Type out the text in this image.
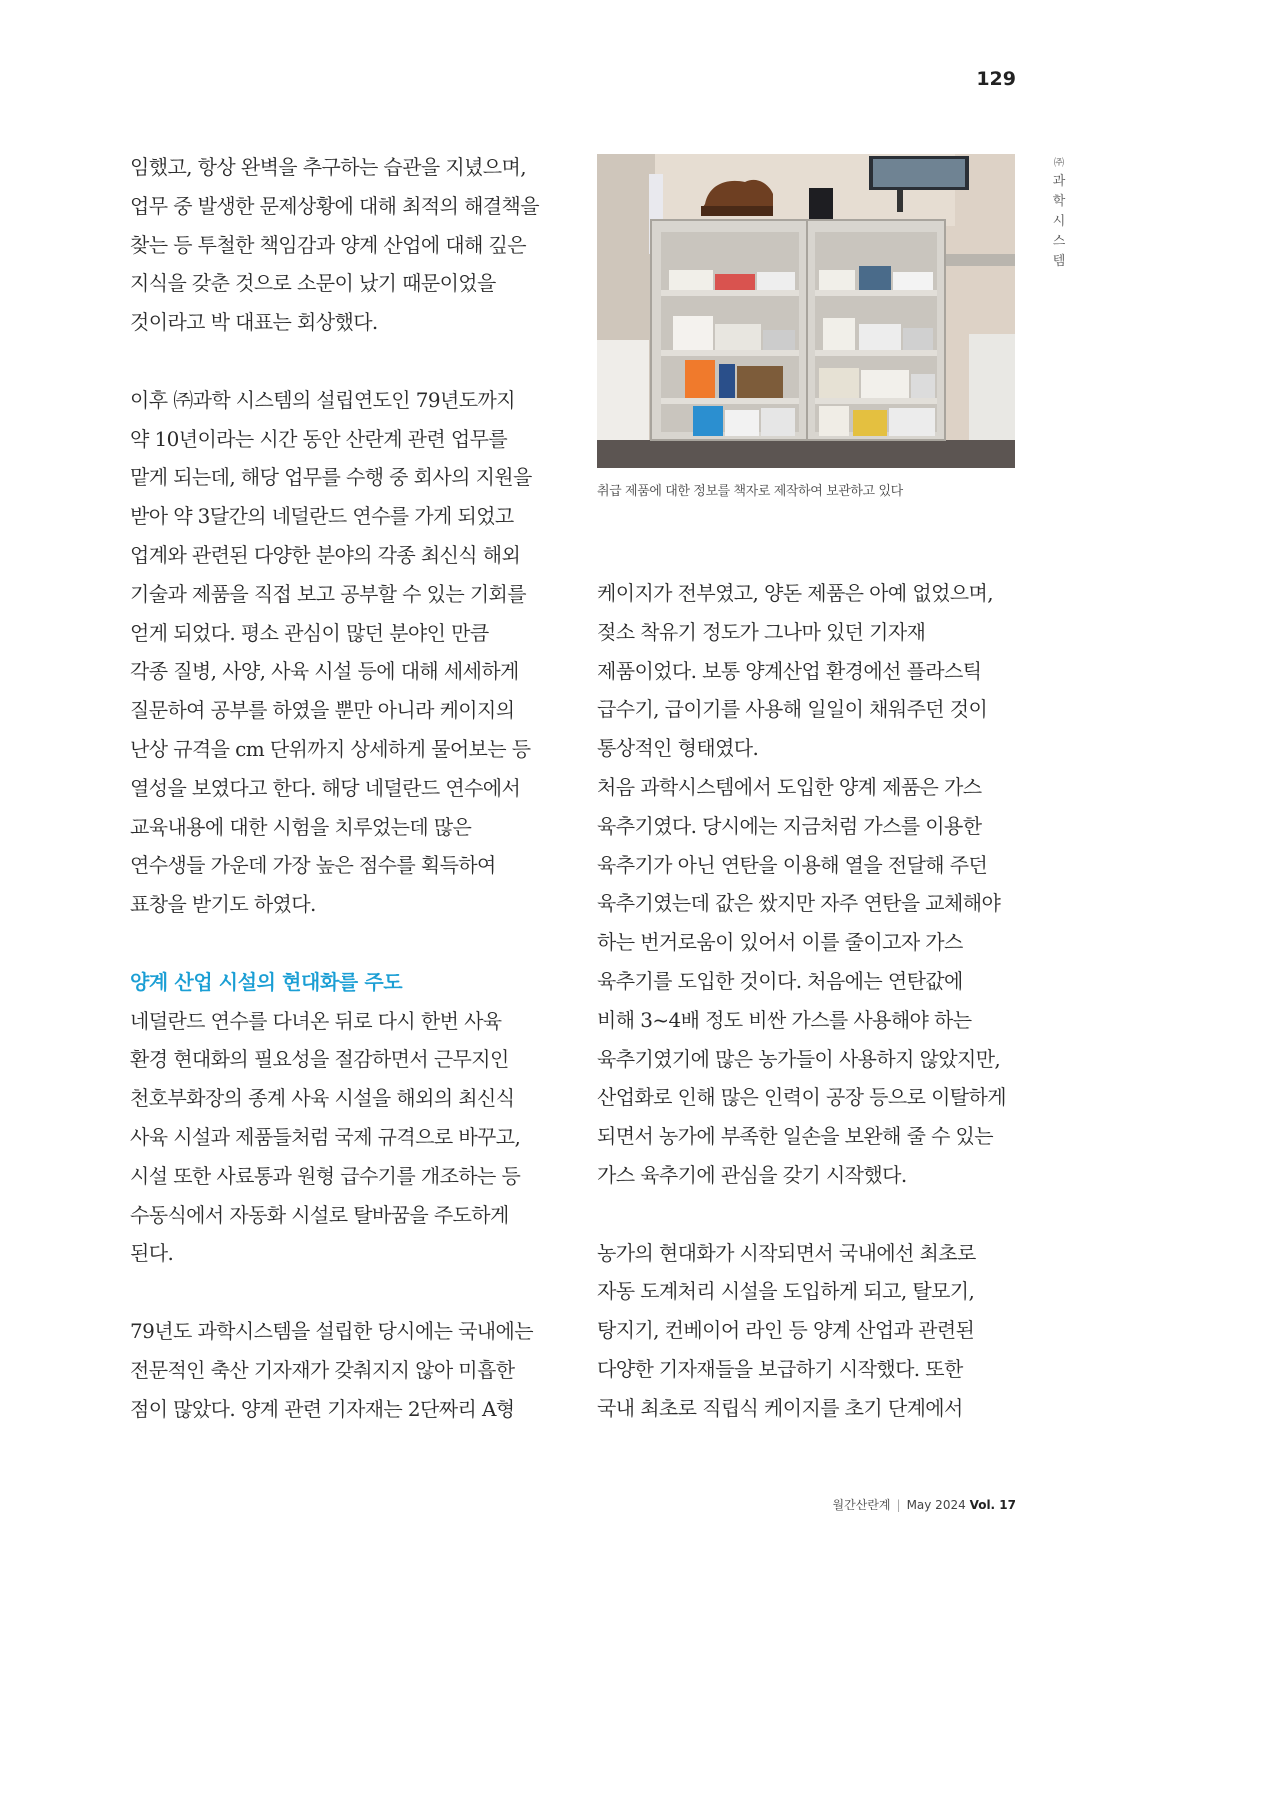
129
㈜
과
학
시
스
템

임했고, 항상 완벽을 추구하는 습관을 지녔으며,
업무 중 발생한 문제상황에 대해 최적의 해결책을
찾는 등 투철한 책임감과 양계 산업에 대해 깊은
지식을 갖춘 것으로 소문이 났기 때문이었을
것이라고 박 대표는 회상했다.

이후 ㈜과학 시스템의 설립연도인 79년도까지
약 10년이라는 시간 동안 산란계 관련 업무를
맡게 되는데, 해당 업무를 수행 중 회사의 지원을
받아 약 3달간의 네덜란드 연수를 가게 되었고
업계와 관련된 다양한 분야의 각종 최신식 해외
기술과 제품을 직접 보고 공부할 수 있는 기회를
얻게 되었다. 평소 관심이 많던 분야인 만큼
각종 질병, 사양, 사육 시설 등에 대해 세세하게
질문하여 공부를 하였을 뿐만 아니라 케이지의
난상 규격을 cm 단위까지 상세하게 물어보는 등
열성을 보였다고 한다. 해당 네덜란드 연수에서
교육내용에 대한 시험을 치루었는데 많은
연수생들 가운데 가장 높은 점수를 획득하여
표창을 받기도 하였다.

양계 산업 시설의 현대화를 주도

네덜란드 연수를 다녀온 뒤로 다시 한번 사육
환경 현대화의 필요성을 절감하면서 근무지인
천호부화장의 종계 사육 시설을 해외의 최신식
사육 시설과 제품들처럼 국제 규격으로 바꾸고,
시설 또한 사료통과 원형 급수기를 개조하는 등
수동식에서 자동화 시설로 탈바꿈을 주도하게
된다.

79년도 과학시스템을 설립한 당시에는 국내에는
전문적인 축산 기자재가 갖춰지지 않아 미흡한
점이 많았다. 양계 관련 기자재는 2단짜리 A형

취급 제품에 대한 정보를 책자로 제작하여 보관하고 있다

케이지가 전부였고, 양돈 제품은 아예 없었으며,
젖소 착유기 정도가 그나마 있던 기자재
제품이었다. 보통 양계산업 환경에선 플라스틱
급수기, 급이기를 사용해 일일이 채워주던 것이
통상적인 형태였다.
처음 과학시스템에서 도입한 양계 제품은 가스
육추기였다. 당시에는 지금처럼 가스를 이용한
육추기가 아닌 연탄을 이용해 열을 전달해 주던
육추기였는데 값은 쌌지만 자주 연탄을 교체해야
하는 번거로움이 있어서 이를 줄이고자 가스
육추기를 도입한 것이다. 처음에는 연탄값에
비해 3~4배 정도 비싼 가스를 사용해야 하는
육추기였기에 많은 농가들이 사용하지 않았지만,
산업화로 인해 많은 인력이 공장 등으로 이탈하게
되면서 농가에 부족한 일손을 보완해 줄 수 있는
가스 육추기에 관심을 갖기 시작했다.

농가의 현대화가 시작되면서 국내에선 최초로
자동 도계처리 시설을 도입하게 되고, 탈모기,
탕지기, 컨베이어 라인 등 양계 산업과 관련된
다양한 기자재들을 보급하기 시작했다. 또한
국내 최초로 직립식 케이지를 초기 단계에서

월간산란계 | May 2024 Vol. 17
